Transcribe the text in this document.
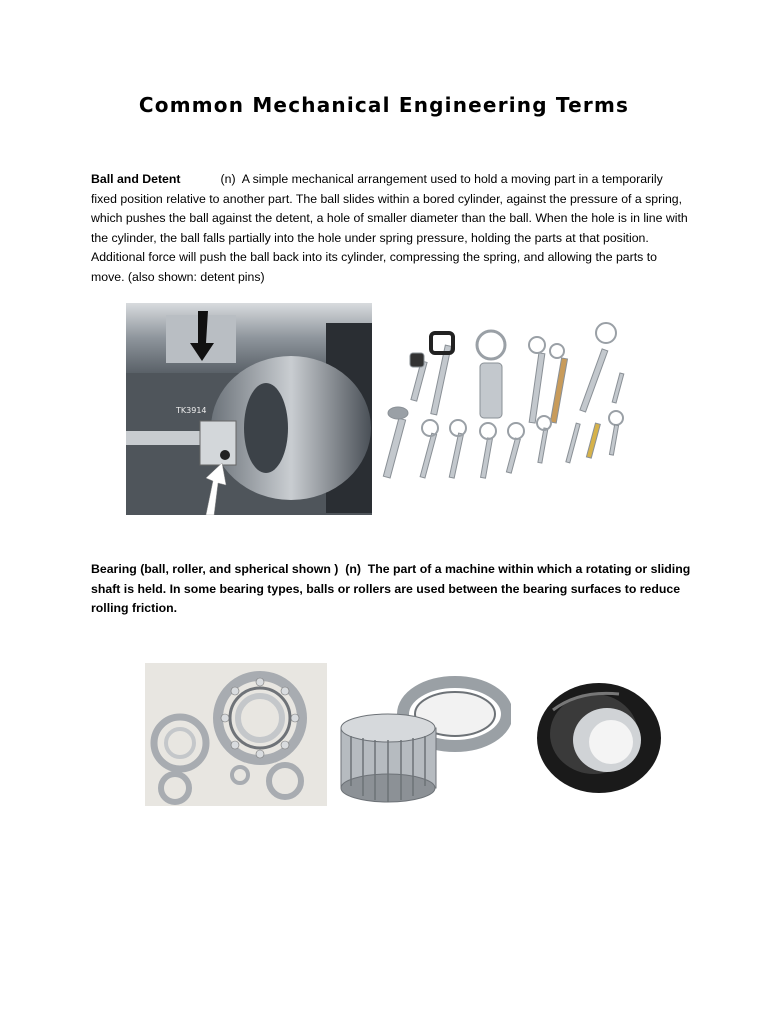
Common Mechanical Engineering Terms

Ball and Detent	(n) A simple mechanical arrangement used to hold a moving part in a temporarily fixed position relative to another part. The ball slides within a bored cylinder, against the pressure of a spring, which pushes the ball against the detent, a hole of smaller diameter than the ball. When the hole is in line with the cylinder, the ball falls partially into the hole under spring pressure, holding the parts at that position. Additional force will push the ball back into its cylinder, compressing the spring, and allowing the parts to move. (also shown: detent pins)

TK3914

Bearing (ball, roller, and spherical shown ) (n) The part of a machine within which a rotating or sliding shaft is held. In some bearing types, balls or rollers are used between the bearing surfaces to reduce rolling friction.
